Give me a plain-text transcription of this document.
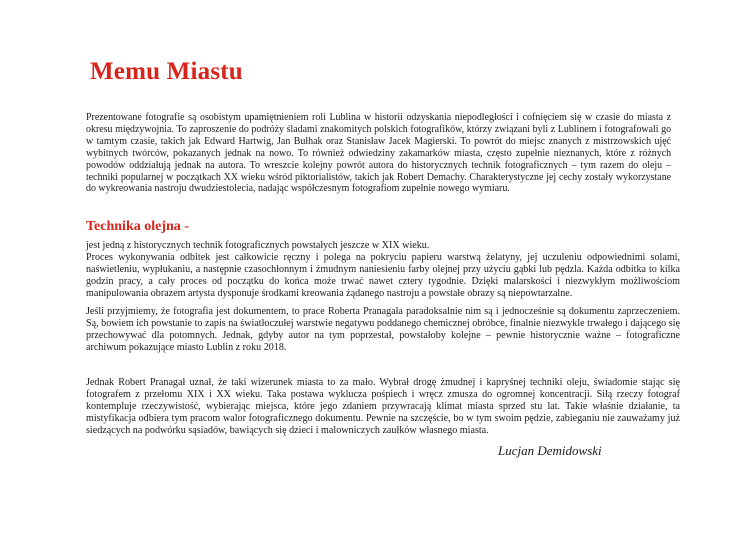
Memu Miastu
Prezentowane fotografie są osobistym upamiętnieniem roli Lublina w historii odzyskania niepodległości i cofnięciem się w czasie do miasta z okresu międzywojnia. To zaproszenie do podróży śladami znakomitych polskich fotografików, którzy związani byli z Lublinem i fotografowali go w tamtym czasie, takich jak Edward Hartwig, Jan Bułhak oraz Stanisław Jacek Magierski. To powrót do miejsc znanych z mistrzowskich ujęć wybitnych twórców, pokazanych jednak na nowo. To również odwiedziny zakamarków miasta, często zupełnie nieznanych, które z różnych powodów oddziałują jednak na autora. To wreszcie kolejny powrót autora do historycznych technik fotograficznych – tym razem do oleju – techniki popularnej w początkach XX wieku wśród piktorialistów, takich jak Robert Demachy. Charakterystyczne jej cechy zostały wykorzystane do wykreowania nastroju dwudziestolecia, nadając współczesnym fotografiom zupełnie nowego wymiaru.
Technika olejna -

jest jedną z historycznych technik fotograficznych powstałych jeszcze w XIX wieku.

Proces wykonywania odbitek jest całkowicie ręczny i polega na pokryciu papieru warstwą żelatyny, jej uczuleniu odpowiednimi solami, naświetleniu, wypłukaniu, a następnie czasochłonnym i żmudnym naniesieniu farby olejnej przy użyciu gąbki lub pędzla. Każda odbitka to kilka godzin pracy, a cały proces od początku do końca może trwać nawet cztery tygodnie. Dzięki malarskości i niezwykłym możliwościom manipulowania obrazem artysta dysponuje środkami kreowania żądanego nastroju a powstałe obrazy są niepowtarzalne.

Jeśli przyjmiemy, że fotografia jest dokumentem, to prace Roberta Pranagała paradoksalnie nim są i jednocześnie są dokumentu zaprzeczeniem. Są, bowiem ich powstanie to zapis na światłoczułej warstwie negatywu poddanego chemicznej obróbce, finalnie niezwykle trwałego i dającego się przechowywać dla potomnych. Jednak, gdyby autor na tym poprzestał, powstałoby kolejne – pewnie historycznie ważne – fotograficzne archiwum pokazujące miasto Lublin z roku 2018.

Jednak Robert Pranagał uznał, że taki wizerunek miasta to za mało. Wybrał drogę żmudnej i kapryśnej techniki oleju, świadomie stając się fotografem z przełomu XIX i XX wieku. Taka postawa wyklucza pośpiech i wręcz zmusza do ogromnej koncentracji. Siłą rzeczy fotograf kontempluje rzeczywistość, wybierając miejsca, które jego zdaniem przywracają klimat miasta sprzed stu lat. Takie właśnie działanie, ta mistyfikacja odbiera tym pracom walor fotograficznego dokumentu. Pewnie na szczęście, bo w tym swoim pędzie, zabieganiu nie zauważamy już siedzących na podwórku sąsiadów, bawiących się dzieci i malowniczych zaułków własnego miasta.

Lucjan Demidowski
